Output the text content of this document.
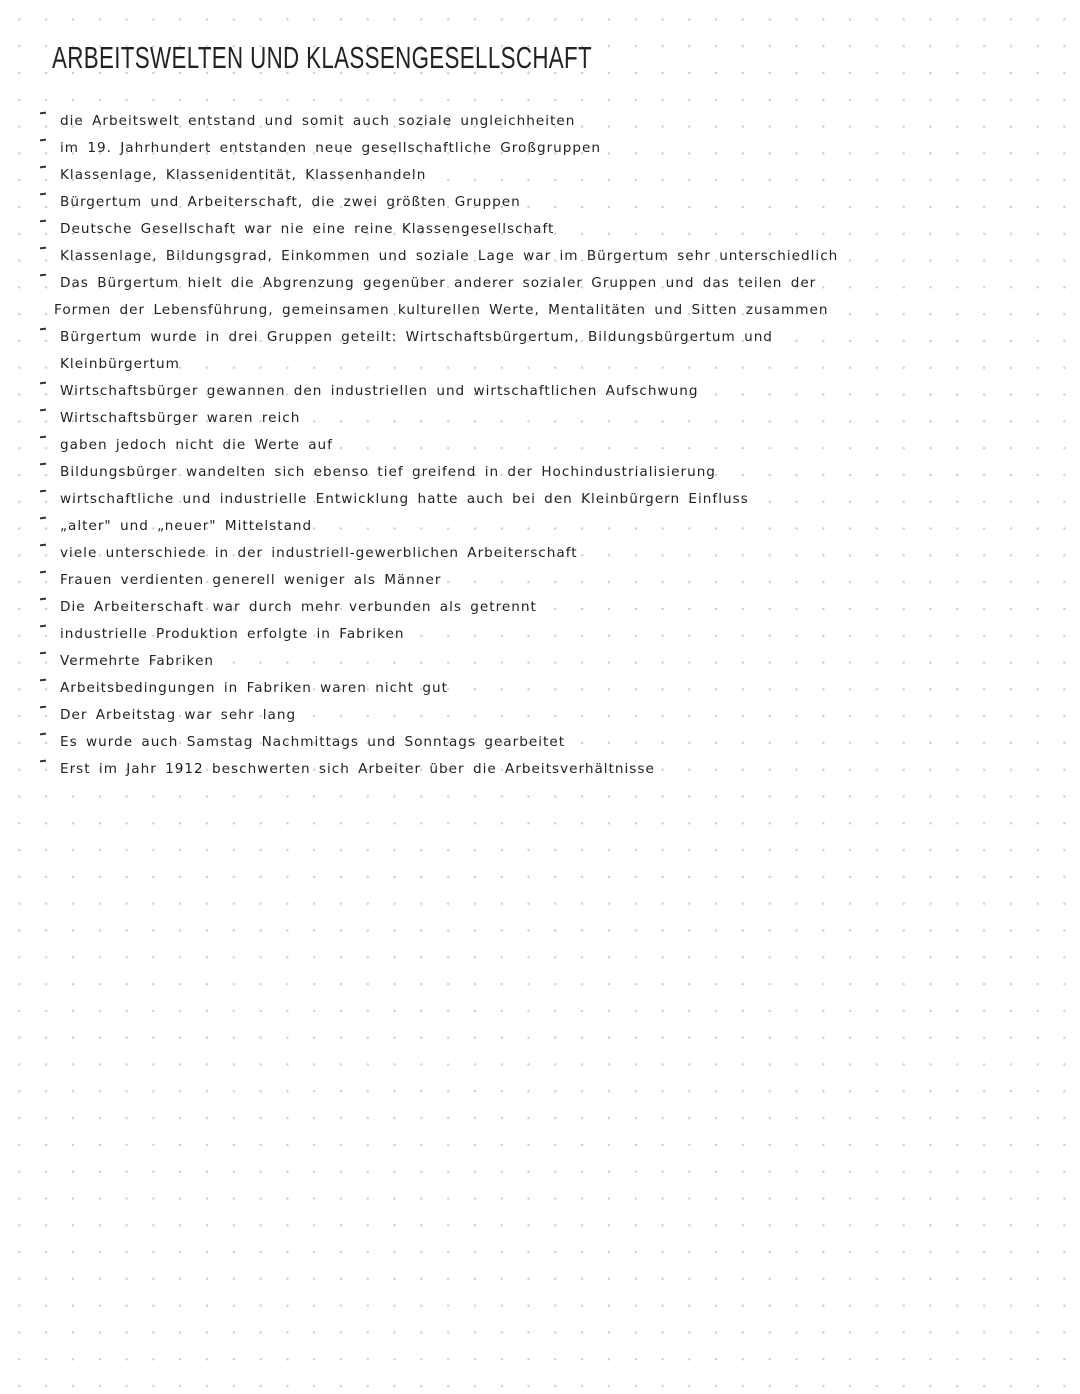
ARBEITSWELTEN UND KLASSENGESELLSCHAFT
die Arbeitswelt entstand und somit auch soziale ungleichheiten
im 19. Jahrhundert entstanden neue gesellschaftliche Großgruppen
Klassenlage, Klassenidentität, Klassenhandeln
Bürgertum und Arbeiterschaft, die zwei größten Gruppen
Deutsche Gesellschaft war nie eine reine Klassengesellschaft
Klassenlage, Bildungsgrad, Einkommen und soziale Lage war im Bürgertum sehr unterschiedlich
Das Bürgertum hielt die Abgrenzung gegenüber anderer sozialer Gruppen und das teilen der
Formen der Lebensführung, gemeinsamen kulturellen Werte, Mentalitäten und Sitten zusammen
Bürgertum wurde in drei Gruppen geteilt: Wirtschaftsbürgertum, Bildungsbürgertum und
Kleinbürgertum
Wirtschaftsbürger gewannen den industriellen und wirtschaftlichen Aufschwung
Wirtschaftsbürger waren reich
gaben jedoch nicht die Werte auf
Bildungsbürger wandelten sich ebenso tief greifend in der Hochindustrialisierung
wirtschaftliche und industrielle Entwicklung hatte auch bei den Kleinbürgern Einfluss
„alter" und „neuer" Mittelstand
viele unterschiede in der industriell-gewerblichen Arbeiterschaft
Frauen verdienten generell weniger als Männer
Die Arbeiterschaft war durch mehr verbunden als getrennt
industrielle Produktion erfolgte in Fabriken
Vermehrte Fabriken
Arbeitsbedingungen in Fabriken waren nicht gut
Der Arbeitstag war sehr lang
Es wurde auch Samstag Nachmittags und Sonntags gearbeitet
Erst im Jahr 1912 beschwerten sich Arbeiter über die Arbeitsverhältnisse
